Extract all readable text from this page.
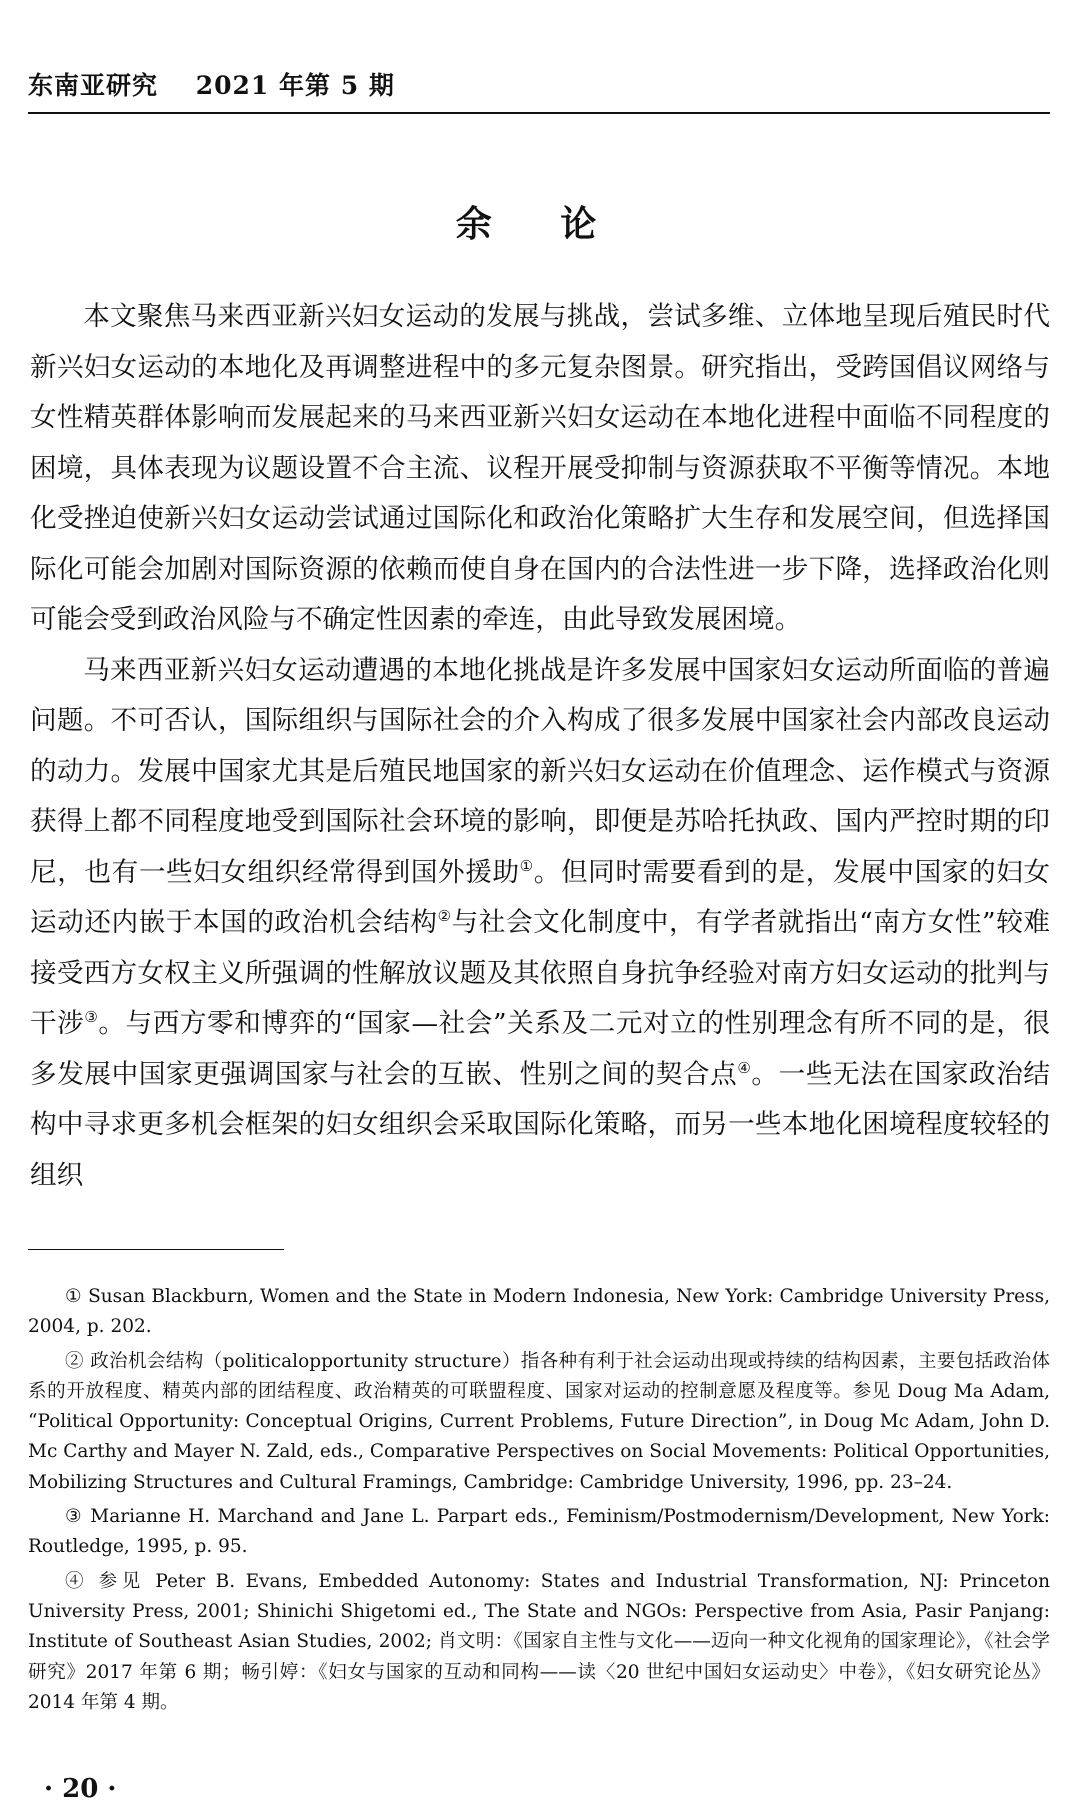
东南亚研究 2021 年第 5 期
余 论

本文聚焦马来西亚新兴妇女运动的发展与挑战，尝试多维、立体地呈现后殖民时代新兴妇女运动的本地化及再调整进程中的多元复杂图景。研究指出，受跨国倡议网络与女性精英群体影响而发展起来的马来西亚新兴妇女运动在本地化进程中面临不同程度的困境，具体表现为议题设置不合主流、议程开展受抑制与资源获取不平衡等情况。本地化受挫迫使新兴妇女运动尝试通过国际化和政治化策略扩大生存和发展空间，但选择国际化可能会加剧对国际资源的依赖而使自身在国内的合法性进一步下降，选择政治化则可能会受到政治风险与不确定性因素的牵连，由此导致发展困境。

马来西亚新兴妇女运动遭遇的本地化挑战是许多发展中国家妇女运动所面临的普遍问题。不可否认，国际组织与国际社会的介入构成了很多发展中国家社会内部改良运动的动力。发展中国家尤其是后殖民地国家的新兴妇女运动在价值理念、运作模式与资源获得上都不同程度地受到国际社会环境的影响，即便是苏哈托执政、国内严控时期的印尼，也有一些妇女组织经常得到国外援助①。但同时需要看到的是，发展中国家的妇女运动还内嵌于本国的政治机会结构②与社会文化制度中，有学者就指出“南方女性”较难接受西方女权主义所强调的性解放议题及其依照自身抗争经验对南方妇女运动的批判与干涉③。与西方零和博弈的“国家—社会”关系及二元对立的性别理念有所不同的是，很多发展中国家更强调国家与社会的互嵌、性别之间的契合点④。一些无法在国家政治结构中寻求更多机会框架的妇女组织会采取国际化策略，而另一些本地化困境程度较轻的组织

① Susan Blackburn, Women and the State in Modern Indonesia, New York: Cambridge University Press, 2004, p. 202.

② 政治机会结构（politicalopportunity structure）指各种有利于社会运动出现或持续的结构因素，主要包括政治体系的开放程度、精英内部的团结程度、政治精英的可联盟程度、国家对运动的控制意愿及程度等。参见 Doug Ma Adam, “Political Opportunity: Conceptual Origins, Current Problems, Future Direction”, in Doug Mc Adam, John D. Mc Carthy and Mayer N. Zald, eds., Comparative Perspectives on Social Movements: Political Opportunities, Mobilizing Structures and Cultural Framings, Cambridge: Cambridge University, 1996, pp. 23–24.

③ Marianne H. Marchand and Jane L. Parpart eds., Feminism/Postmodernism/Development, New York: Routledge, 1995, p. 95.

④ 参见 Peter B. Evans, Embedded Autonomy: States and Industrial Transformation, NJ: Princeton University Press, 2001; Shinichi Shigetomi ed., The State and NGOs: Perspective from Asia, Pasir Panjang: Institute of Southeast Asian Studies, 2002; 肖文明：《国家自主性与文化——迈向一种文化视角的国家理论》，《社会学研究》2017 年第 6 期；畅引婷：《妇女与国家的互动和同构——读〈20 世纪中国妇女运动史〉中卷》，《妇女研究论丛》2014 年第 4 期。

· 20 ·
